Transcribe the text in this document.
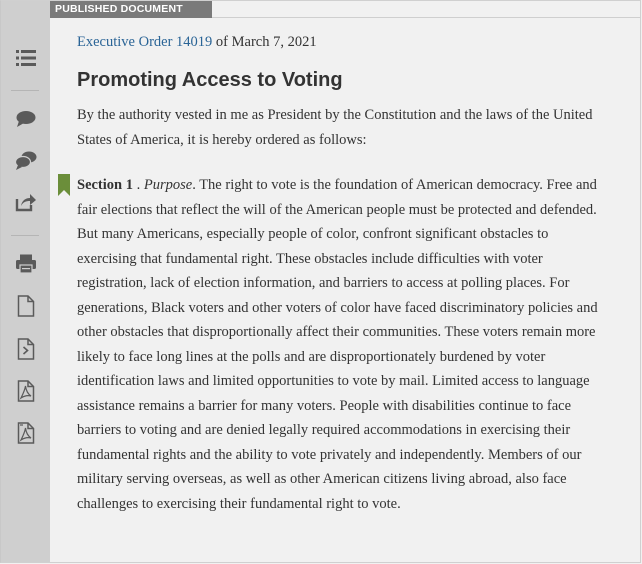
PUBLISHED DOCUMENT
Executive Order 14019 of March 7, 2021
Promoting Access to Voting

By the authority vested in me as President by the Constitution and the laws of the United States of America, it is hereby ordered as follows:

Section 1 . Purpose. The right to vote is the foundation of American democracy. Free and fair elections that reflect the will of the American people must be protected and defended. But many Americans, especially people of color, confront significant obstacles to exercising that fundamental right. These obstacles include difficulties with voter registration, lack of election information, and barriers to access at polling places. For generations, Black voters and other voters of color have faced discriminatory policies and other obstacles that disproportionally affect their communities. These voters remain more likely to face long lines at the polls and are disproportionately burdened by voter identification laws and limited opportunities to vote by mail. Limited access to language assistance remains a barrier for many voters. People with disabilities continue to face barriers to voting and are denied legally required accommodations in exercising their fundamental rights and the ability to vote privately and independently. Members of our military serving overseas, as well as other American citizens living abroad, also face challenges to exercising their fundamental right to vote.
